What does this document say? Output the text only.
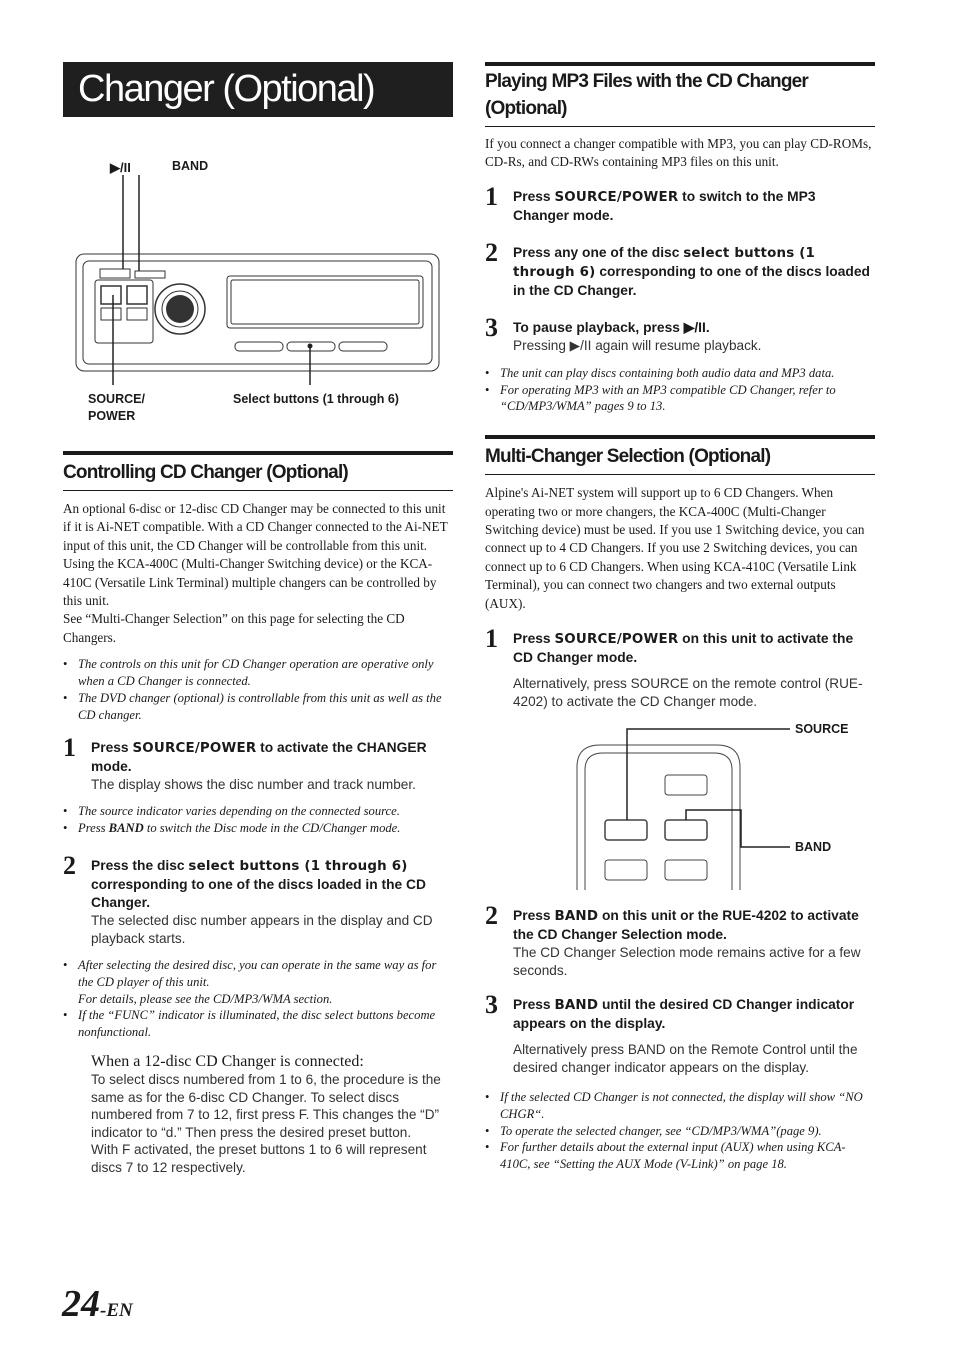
Changer (Optional)
▶/II	BAND
SOURCE/
POWER
Select buttons (1 through 6)
Controlling CD Changer (Optional)

An optional 6-disc or 12-disc CD Changer may be connected to this unit if it is Ai-NET compatible. With a CD Changer connected to the Ai-NET input of this unit, the CD Changer will be controllable from this unit.

Using the KCA-400C (Multi-Changer Switching device) or the KCA-410C (Versatile Link Terminal) multiple changers can be controlled by this unit.

See “Multi-Changer Selection” on this page for selecting the CD Changers.

• The controls on this unit for CD Changer operation are operative only when a CD Changer is connected.

• The DVD changer (optional) is controllable from this unit as well as the CD changer.

1 Press SOURCE/POWER to activate the CHANGER mode.
The display shows the disc number and track number.

• The source indicator varies depending on the connected source.

• Press BAND to switch the Disc mode in the CD/Changer mode.

2 Press the disc select buttons (1 through 6) corresponding to one of the discs loaded in the CD Changer.
The selected disc number appears in the display and CD playback starts.

• After selecting the desired disc, you can operate in the same way as for the CD player of this unit.

For details, please see the CD/MP3/WMA section.

• If the “FUNC” indicator is illuminated, the disc select buttons become nonfunctional.

When a 12-disc CD Changer is connected:
To select discs numbered from 1 to 6, the procedure is the same as for the 6-disc CD Changer. To select discs numbered from 7 to 12, first press F. This changes the “D” indicator to “d.” Then press the desired preset button.
With F activated, the preset buttons 1 to 6 will represent discs 7 to 12 respectively.
Playing MP3 Files with the CD Changer
(Optional)

If you connect a changer compatible with MP3, you can play CD-ROMs, CD-Rs, and CD-RWs containing MP3 files on this unit.

1 Press SOURCE/POWER to switch to the MP3 Changer mode.
2 Press any one of the disc select buttons (1 through 6) corresponding to one of the discs loaded in the CD Changer.
3 To pause playback, press ▶/II.
Pressing ▶/II again will resume playback.

• The unit can play discs containing both audio data and MP3 data.

• For operating MP3 with an MP3 compatible CD Changer, refer to “CD/MP3/WMA” pages 9 to 13.

Multi-Changer Selection (Optional)

Alpine's Ai-NET system will support up to 6 CD Changers. When operating two or more changers, the KCA-400C (Multi-Changer Switching device) must be used. If you use 1 Switching device, you can connect up to 4 CD Changers. If you use 2 Switching devices, you can connect up to 6 CD Changers. When using KCA-410C (Versatile Link Terminal), you can connect two changers and two external outputs (AUX).

1 Press SOURCE/POWER on this unit to activate the CD Changer mode.
Alternatively, press SOURCE on the remote control (RUE-4202) to activate the CD Changer mode.
SOURCE
BAND
2 Press BAND on this unit or the RUE-4202 to activate the CD Changer Selection mode.
The CD Changer Selection mode remains active for a few seconds.
3 Press BAND until the desired CD Changer indicator appears on the display.
Alternatively press BAND on the Remote Control until the desired changer indicator appears on the display.

• If the selected CD Changer is not connected, the display will show “NO CHGR“.

• To operate the selected changer, see “CD/MP3/WMA”(page 9).

• For further details about the external input (AUX) when using KCA-410C, see “Setting the AUX Mode (V-Link)” on page 18.

24-EN
